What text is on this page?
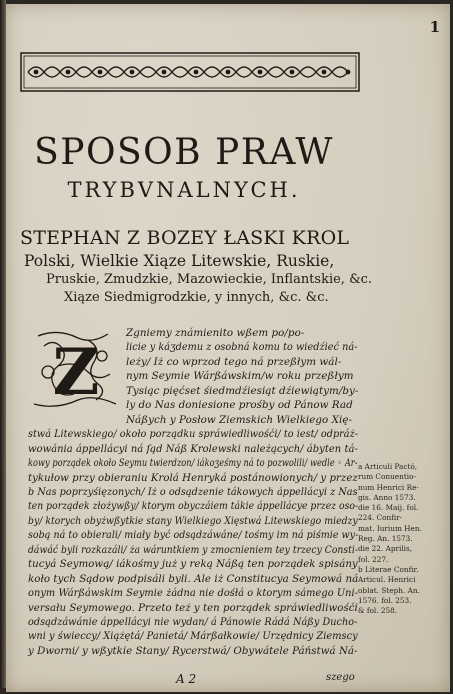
1
SPOSOB PRAW
TRYBVNALNYCH.
STEPHAN Z BOZEY ŁASKI KROL
Polski, Wielkie Xiąze Litewskie, Ruskie,
Pruskie, Zmudzkie, Mazowieckie, Inflantskie, &c.
Xiąze Siedmigrodzkie, y innych, &c. &c.
Z
Zgniemy známienito wßem po/po-
licie y káʒdemu z osobná komu to wiedźieć ná-
leży/ Iż co wprzod tego ná przeßłym wál-
nym Seymie Wárßáwskim/w roku przeßłym
Tysiąc pięćset śiedmdźiesiąt dźiewiątym/by-
ly do Nas doniesione prośby od Pánow Rad
Náßych y Posłow Ziemskich Wielkiego Xię-
stwá Litewskiego/ około porządku spráwiedliwośći/ to iest/ odpráż-
wowánia áppellácyi ná ſąd Náß Krolewski należących/ ábyten tá-
kowy porządek około Seymu twierdzon/ iákoʒeśmy ná to pozwolili/ wedle ◦ Ar-
tykułow przy obieraniu Krolá Henryká postánowionych/ y przez
b Nas poprzyśięzonych/ Iż o odsądzenie tákowych áppellácyi z Nas
ten porządek złożywßy/ ktorym obyczáiem tákie áppellácye przez oso-
by/ ktorych obyżwßytkie stany Wielkiego Xięstwá Litewskiego miedzy
sobą ná to obierali/ miały być odsądzáwáne/ tośmy im ná piśmie wy-
dáwáć byli rozkazáli/ ża wáruntkiem y zmocnieniem tey trzecy Consti-
tucyá Seymową/ iákośmy już y reką Náßą ten porządek spisány
koło tych Sądow podpisáli byli. Ale iż Constitucya Seymowá ná
onym Wárßáwskim Seymie żádna nie dośłá o ktorym sámego Uni-
versału Seymowego. Przeto też y ten porządek spráwiedliwośći
odsądzáwánie áppellácyi nie wydan/ á Pánowie Rádá Náßy Ducho-
wni y świeccy/ Xiążętá/ Panietá/ Márßałkowie/ Urzędnicy Ziemscy
y Dworni/ y wßytkie Stany/ Rycerstwá/ Obywátele Páństwá Ná-
a Articuli Pactó,
rum Conuentio-
num Henrici Re-
gis. Anno 1573.
die 16. Maij. fol.
224. Confir-
mat. Iurium Hen.
Reg. An. 1573.
die 22. Aprilis,
fol. 227.
b Literae Confir.
Articul. Henrici
oblat. Steph. An.
1576. fol. 253.
& fol. 258.
A 2	szego
